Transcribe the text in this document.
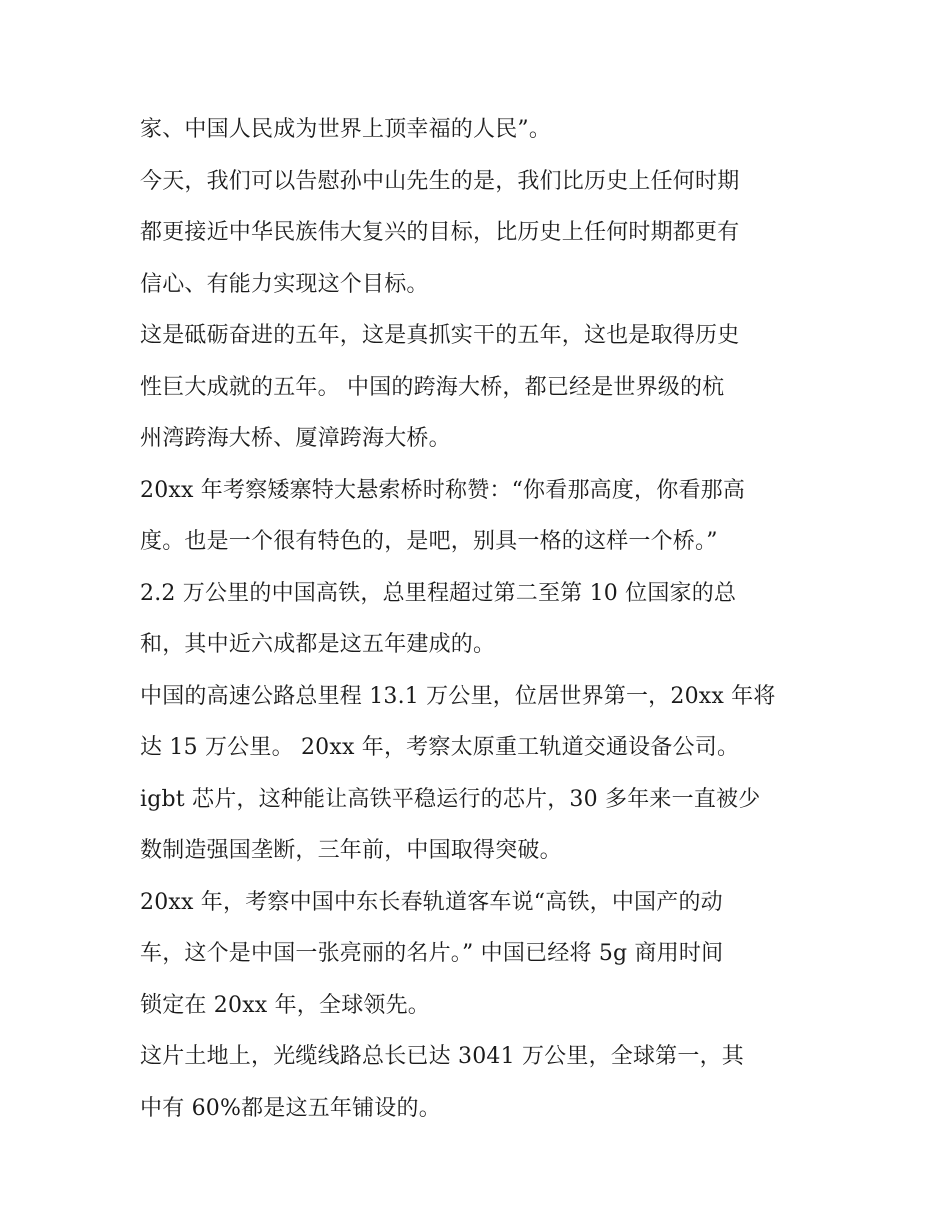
家、中国人民成为世界上顶幸福的人民”。
今天，我们可以告慰孙中山先生的是，我们比历史上任何时期
都更接近中华民族伟大复兴的目标，比历史上任何时期都更有
信心、有能力实现这个目标。
这是砥砺奋进的五年，这是真抓实干的五年，这也是取得历史
性巨大成就的五年。 中国的跨海大桥，都已经是世界级的杭
州湾跨海大桥、厦漳跨海大桥。
20xx 年考察矮寨特大悬索桥时称赞：“你看那高度，你看那高
度。也是一个很有特色的，是吧，别具一格的这样一个桥。”
2.2 万公里的中国高铁，总里程超过第二至第 10 位国家的总
和，其中近六成都是这五年建成的。
中国的高速公路总里程 13.1 万公里，位居世界第一，20xx 年将
达 15 万公里。 20xx 年，考察太原重工轨道交通设备公司。
igbt 芯片，这种能让高铁平稳运行的芯片，30 多年来一直被少
数制造强国垄断，三年前，中国取得突破。
20xx 年，考察中国中东长春轨道客车说“高铁，中国产的动
车，这个是中国一张亮丽的名片。” 中国已经将 5g 商用时间
锁定在 20xx 年，全球领先。
这片土地上，光缆线路总长已达 3041 万公里，全球第一，其
中有 60%都是这五年铺设的。
